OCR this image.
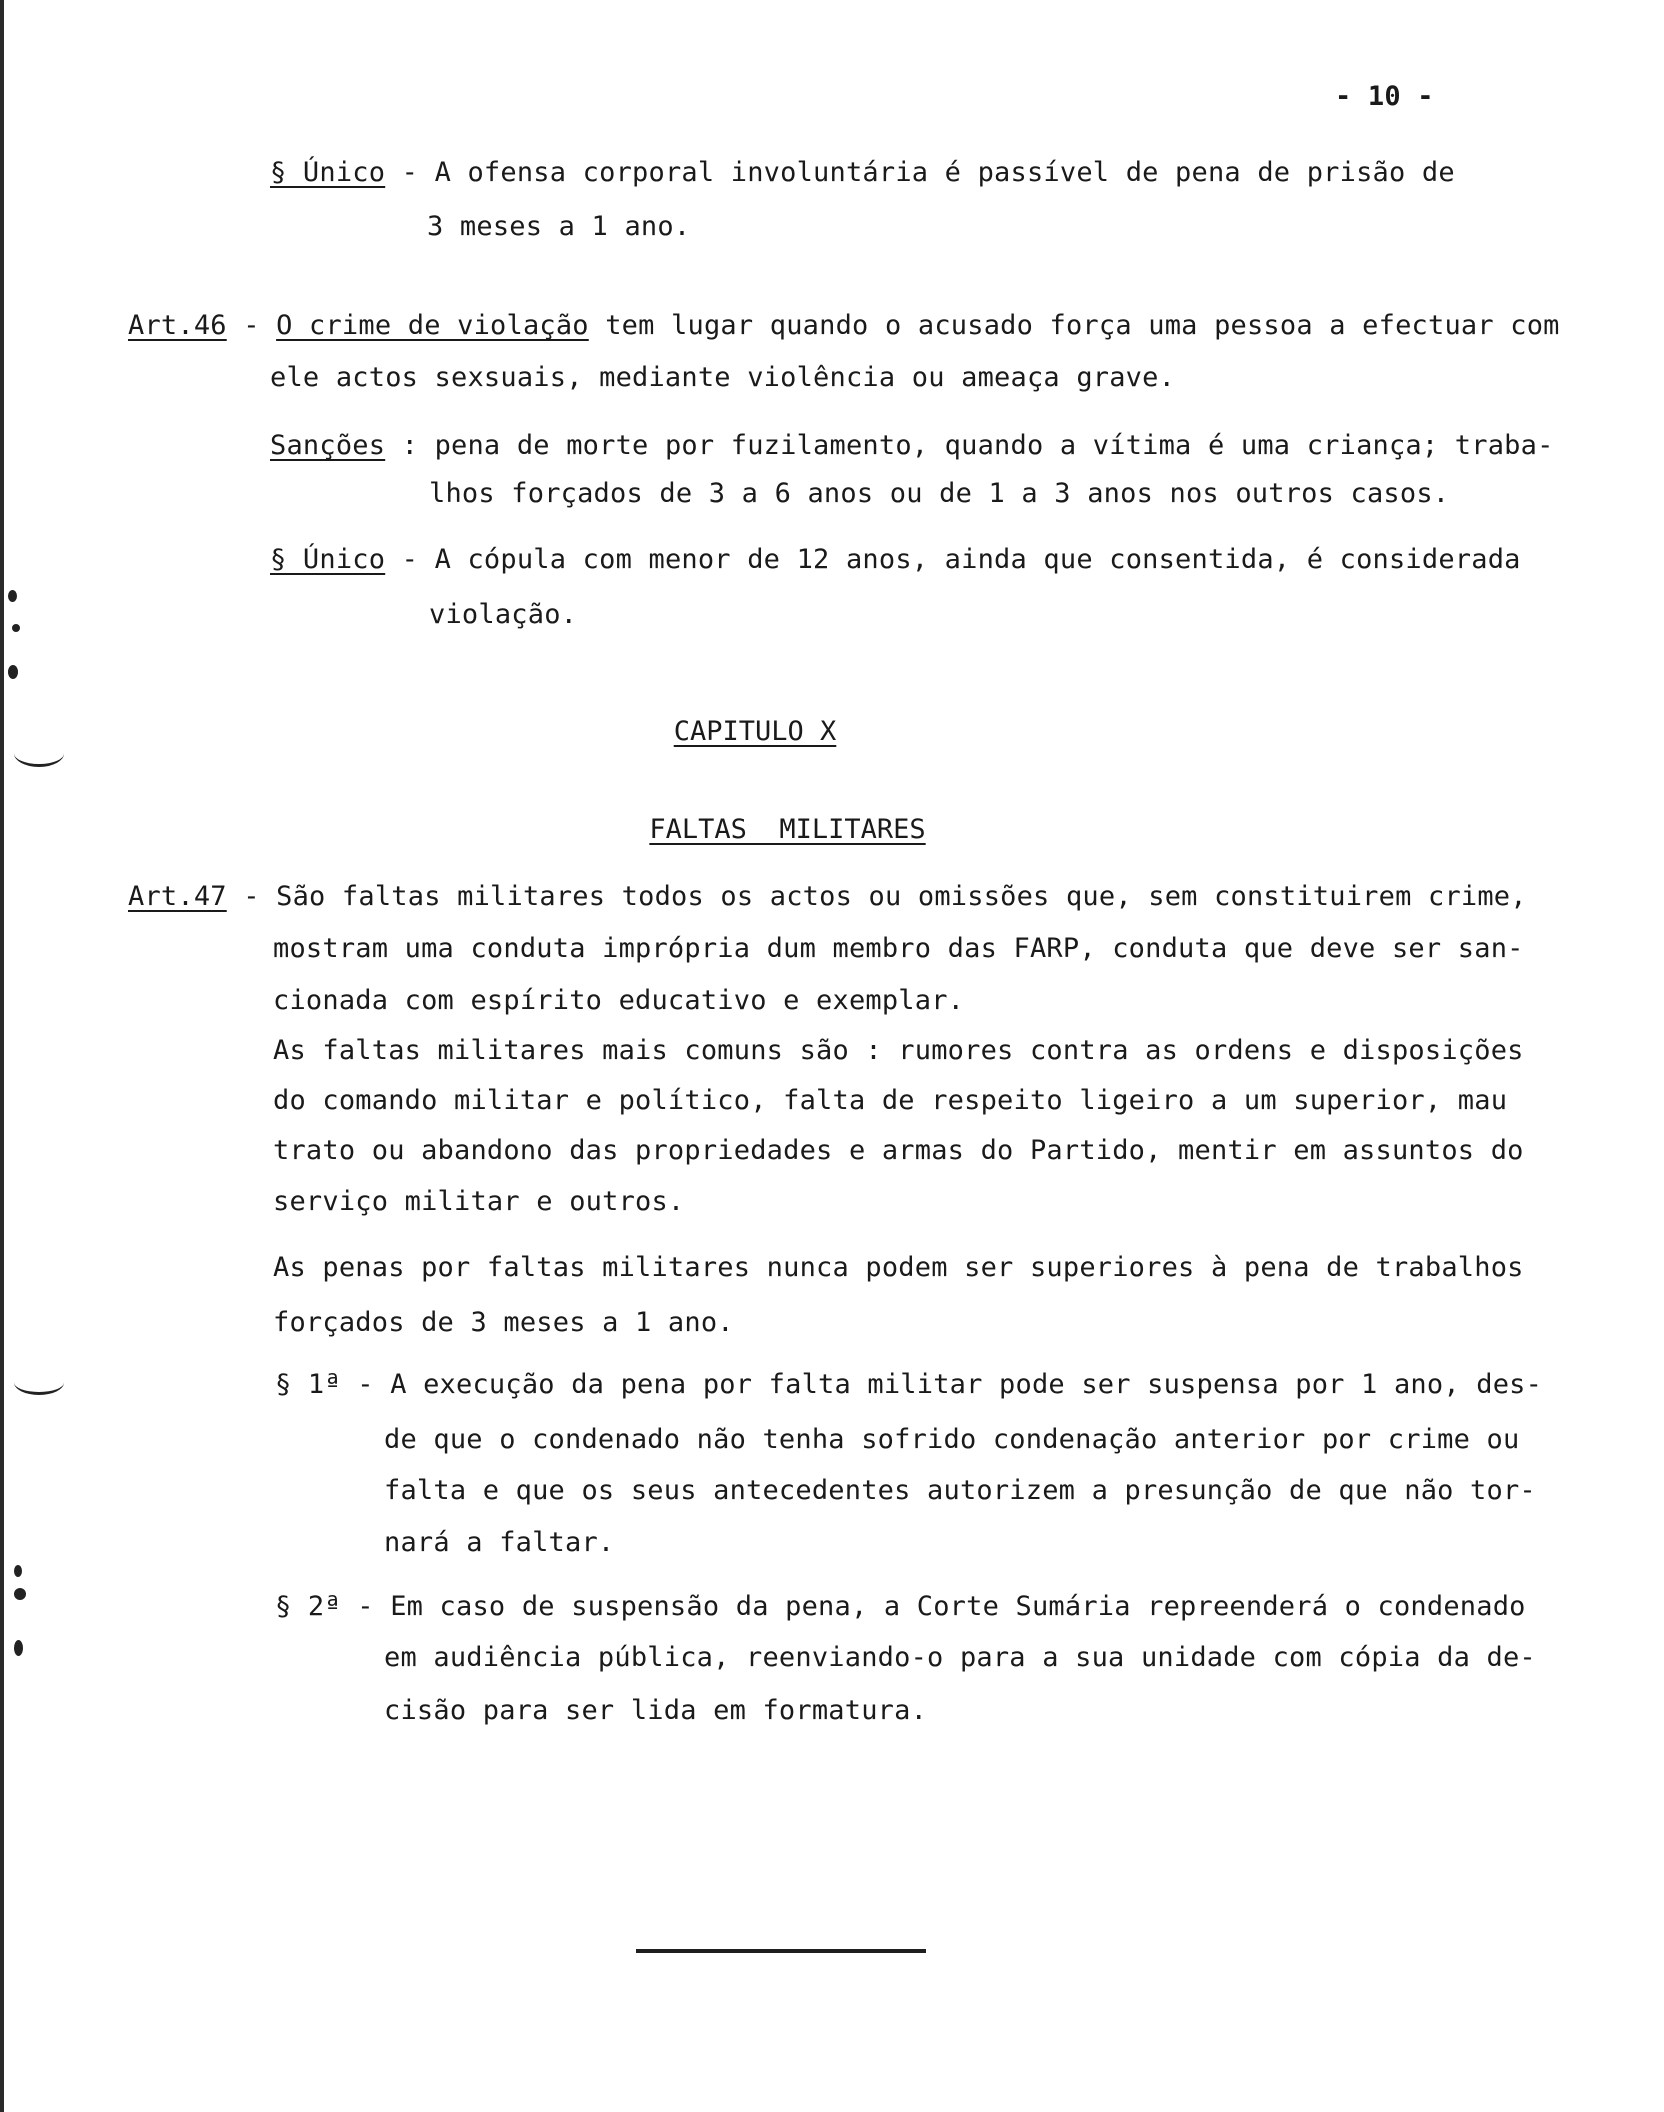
- 10 -
§ Único - A ofensa corporal involuntária é passível de pena de prisão de
3 meses a 1 ano.
Art.46 - O crime de violação tem lugar quando o acusado força uma pessoa a efectuar com
ele actos sexsuais, mediante violência ou ameaça grave.
Sanções : pena de morte por fuzilamento, quando a vítima é uma criança; traba-
lhos forçados de 3 a 6 anos ou de 1 a 3 anos nos outros casos.
§ Único - A cópula com menor de 12 anos, ainda que consentida, é considerada
violação.
CAPITULO X

FALTAS  MILITARES

Art.47 - São faltas militares todos os actos ou omissões que, sem constituirem crime,
mostram uma conduta imprópria dum membro das FARP, conduta que deve ser san-
cionada com espírito educativo e exemplar.
As faltas militares mais comuns são : rumores contra as ordens e disposições
do comando militar e político, falta de respeito ligeiro a um superior, mau
trato ou abandono das propriedades e armas do Partido, mentir em assuntos do
serviço militar e outros.
As penas por faltas militares nunca podem ser superiores à pena de trabalhos
forçados de 3 meses a 1 ano.
§ 1ª - A execução da pena por falta militar pode ser suspensa por 1 ano, des-
de que o condenado não tenha sofrido condenação anterior por crime ou
falta e que os seus antecedentes autorizem a presunção de que não tor-
nará a faltar.
§ 2ª - Em caso de suspensão da pena, a Corte Sumária repreenderá o condenado
em audiência pública, reenviando-o para a sua unidade com cópia da de-
cisão para ser lida em formatura.
